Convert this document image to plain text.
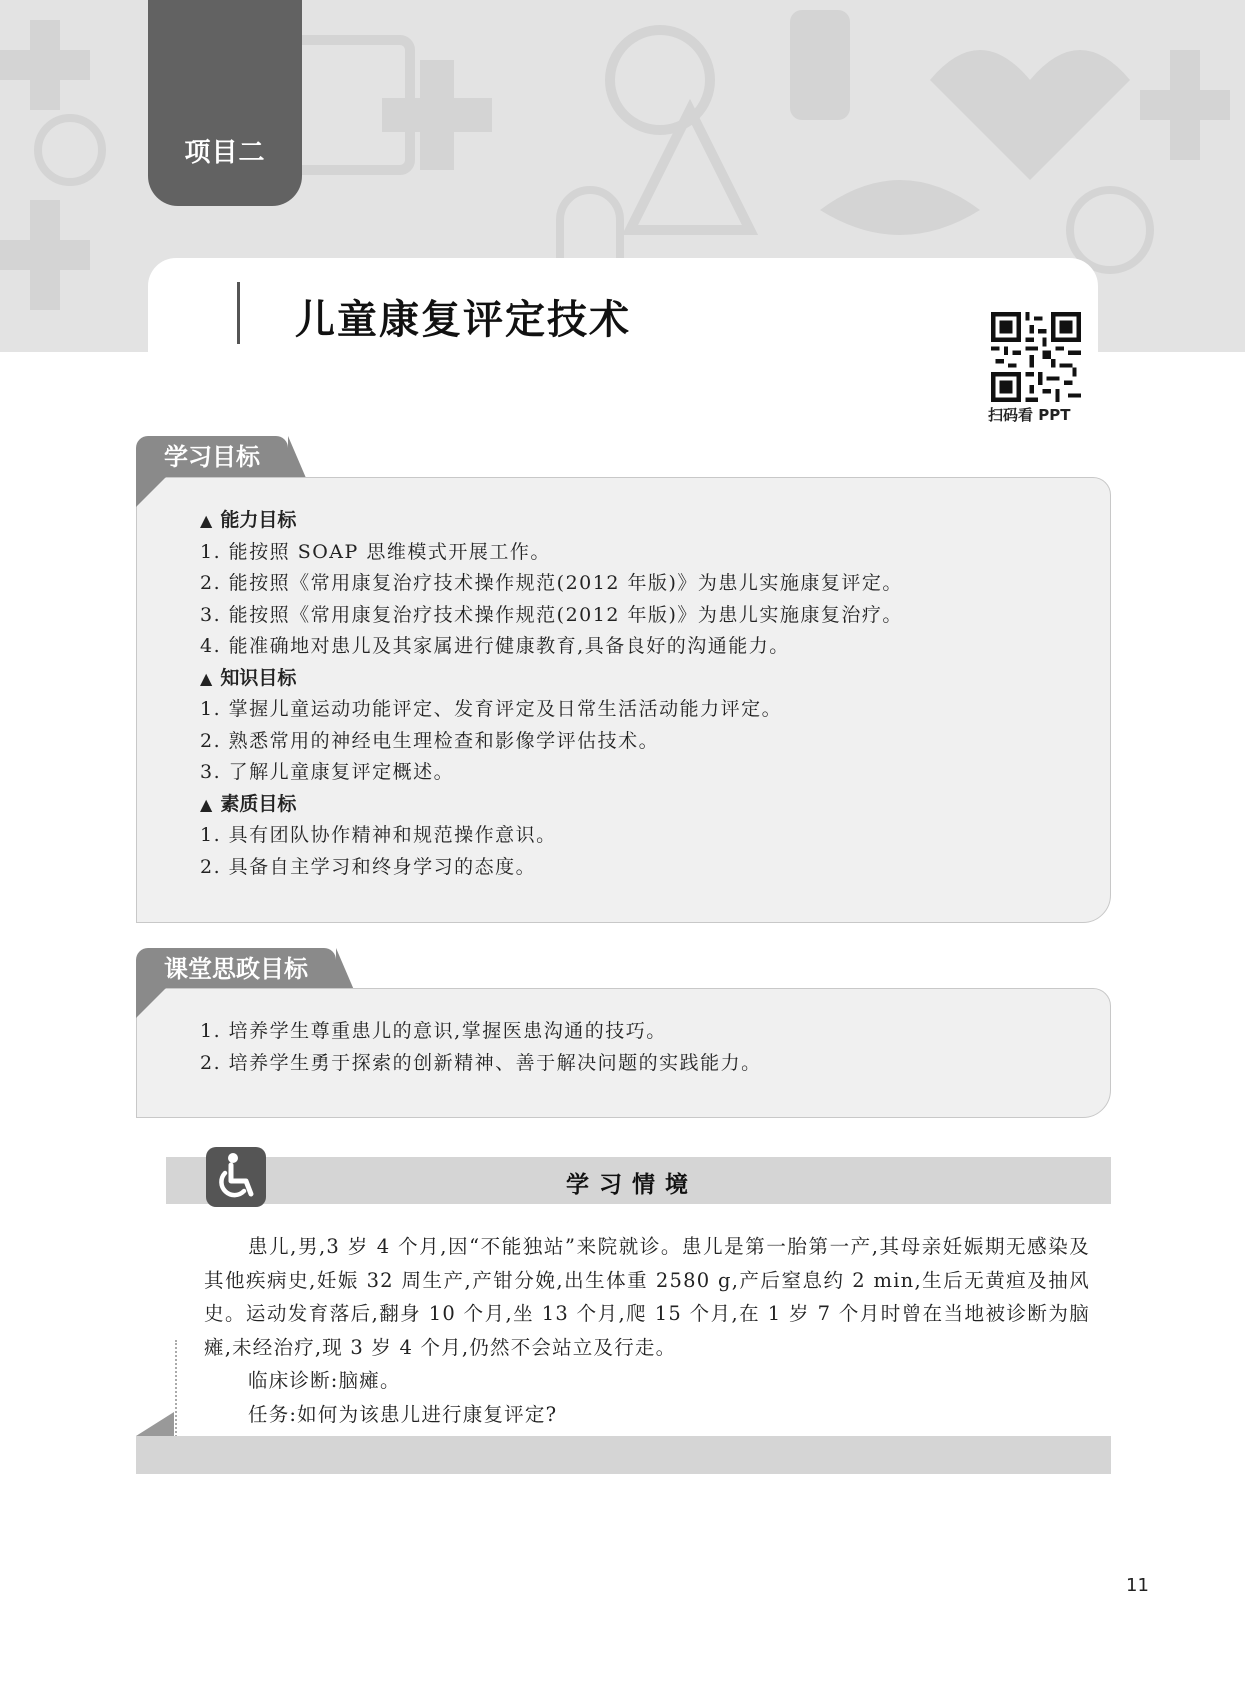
项目二
儿童康复评定技术
扫码看 PPT
学习目标
▲ 能力目标
1. 能按照 SOAP 思维模式开展工作。
2. 能按照《常用康复治疗技术操作规范(2012 年版)》为患儿实施康复评定。
3. 能按照《常用康复治疗技术操作规范(2012 年版)》为患儿实施康复治疗。
4. 能准确地对患儿及其家属进行健康教育,具备良好的沟通能力。
▲ 知识目标
1. 掌握儿童运动功能评定、发育评定及日常生活活动能力评定。
2. 熟悉常用的神经电生理检查和影像学评估技术。
3. 了解儿童康复评定概述。
▲ 素质目标
1. 具有团队协作精神和规范操作意识。
2. 具备自主学习和终身学习的态度。
课堂思政目标
1. 培养学生尊重患儿的意识,掌握医患沟通的技巧。
2. 培养学生勇于探索的创新精神、善于解决问题的实践能力。
学习情境

患儿,男,3 岁 4 个月,因“不能独站”来院就诊。患儿是第一胎第一产,其母亲妊娠期无感染及其他疾病史,妊娠 32 周生产,产钳分娩,出生体重 2580 g,产后窒息约 2 min,生后无黄疸及抽风史。运动发育落后,翻身 10 个月,坐 13 个月,爬 15 个月,在 1 岁 7 个月时曾在当地被诊断为脑瘫,未经治疗,现 3 岁 4 个月,仍然不会站立及行走。

临床诊断:脑瘫。

任务:如何为该患儿进行康复评定?

11
